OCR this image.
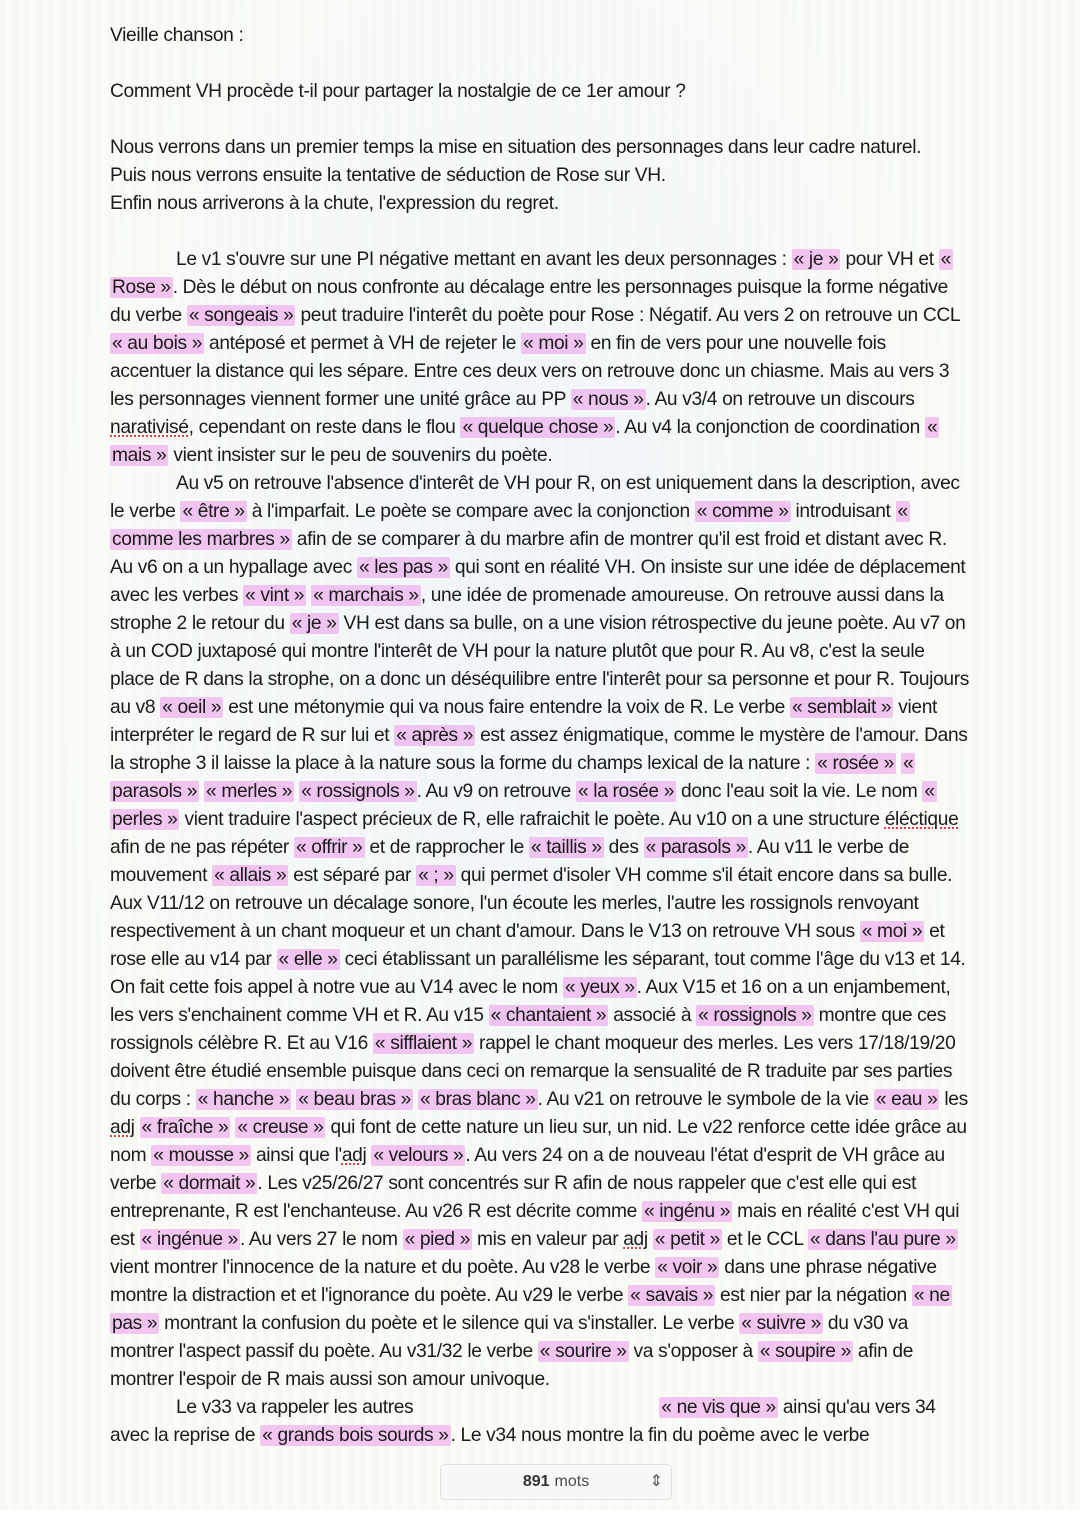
Vieille chanson :

Comment VH procède t-il pour partager la nostalgie de ce 1er amour ?

Nous verrons dans un premier temps la mise en situation des personnages dans leur cadre naturel.

Puis nous verrons ensuite la tentative de séduction de Rose sur VH.

Enfin nous arriverons à la chute, l'expression du regret.

Le v1 s'ouvre sur une PI négative mettant en avant les deux personnages : « je » pour VH et « Rose » . Dès le début on nous confronte au décalage entre les personnages puisque la forme négative du verbe « songeais » peut traduire l'interêt du poète pour Rose : Négatif. Au vers 2 on retrouve un CCL « au bois » antéposé et permet à VH de rejeter le « moi » en fin de vers pour une nouvelle fois accentuer la distance qui les sépare. Entre ces deux vers on retrouve donc un chiasme. Mais au vers 3 les personnages viennent former une unité grâce au PP « nous » . Au v3/4 on retrouve un discours narativisé, cependant on reste dans le flou « quelque chose » . Au v4 la conjonction de coordination « mais » vient insister sur le peu de souvenirs du poète.

Au v5 on retrouve l'absence d'interêt de VH pour R, on est uniquement dans la description, avec le verbe « être » à l'imparfait. Le poète se compare avec la conjonction « comme » introduisant « comme les marbres » afin de se comparer à du marbre afin de montrer qu'il est froid et distant avec R. Au v6 on a un hypallage avec « les pas » qui sont en réalité VH. On insiste sur une idée de déplacement avec les verbes « vint » « marchais » , une idée de promenade amoureuse. On retrouve aussi dans la strophe 2 le retour du « je » VH est dans sa bulle, on a une vision rétrospective du jeune poète. Au v7 on à un COD juxtaposé qui montre l'interêt de VH pour la nature plutôt que pour R. Au v8, c'est la seule place de R dans la strophe, on a donc un déséquilibre entre l'interêt pour sa personne et pour R. Toujours au v8 « oeil » est une métonymie qui va nous faire entendre la voix de R. Le verbe « semblait » vient interpréter le regard de R sur lui et « après » est assez énigmatique, comme le mystère de l'amour. Dans la strophe 3 il laisse la place à la nature sous la forme du champs lexical de la nature : « rosée » « parasols » « merles » « rossignols » . Au v9 on retrouve « la rosée » donc l'eau soit la vie. Le nom « perles » vient traduire l'aspect précieux de R, elle rafraichit le poète. Au v10 on a une structure éléctique afin de ne pas répéter « offrir » et de rapprocher le « taillis » des « parasols » . Au v11 le verbe de mouvement « allais » est séparé par « ; » qui permet d'isoler VH comme s'il était encore dans sa bulle. Aux V11/12 on retrouve un décalage sonore, l'un écoute les merles, l'autre les rossignols renvoyant respectivement à un chant moqueur et un chant d'amour. Dans le V13 on retrouve VH sous « moi » et rose elle au v14 par « elle » ceci établissant un parallélisme les séparant, tout comme l'âge du v13 et 14. On fait cette fois appel à notre vue au V14 avec le nom « yeux » . Aux V15 et 16 on a un enjambement, les vers s'enchainent comme VH et R. Au v15 « chantaient » associé à « rossignols » montre que ces rossignols célèbre R. Et au V16 « sifflaient » rappel le chant moqueur des merles. Les vers 17/18/19/20 doivent être étudié ensemble puisque dans ceci on remarque la sensualité de R traduite par ses parties du corps : « hanche » « beau bras » « bras blanc » . Au v21 on retrouve le symbole de la vie « eau » les adj « fraîche » « creuse » qui font de cette nature un lieu sur, un nid. Le v22 renforce cette idée grâce au nom « mousse » ainsi que l'adj « velours » . Au vers 24 on a de nouveau l'état d'esprit de VH grâce au verbe « dormait » . Les v25/26/27 sont concentrés sur R afin de nous rappeler que c'est elle qui est entreprenante, R est l'enchanteuse. Au v26 R est décrite comme « ingénu » mais en réalité c'est VH qui est « ingénue » . Au vers 27 le nom « pied » mis en valeur par adj « petit » et le CCL « dans l'au pure » vient montrer l'innocence de la nature et du poète. Au v28 le verbe « voir » dans une phrase négative montre la distraction et et l'ignorance du poète. Au v29 le verbe « savais » est nier par la négation « ne pas » montrant la confusion du poète et le silence qui va s'installer. Le verbe « suivre » du v30 va montrer l'aspect passif du poète. Au v31/32 le verbe « sourire » va s'opposer à « soupire » afin de montrer l'espoir de R mais aussi son amour univoque.

Le v33 va rappeler les autres	« ne vis que » ainsi qu'au vers 34 avec la reprise de « grands bois sourds » . Le v34 nous montre la fin du poème avec le verbe

891 mots	⇕
